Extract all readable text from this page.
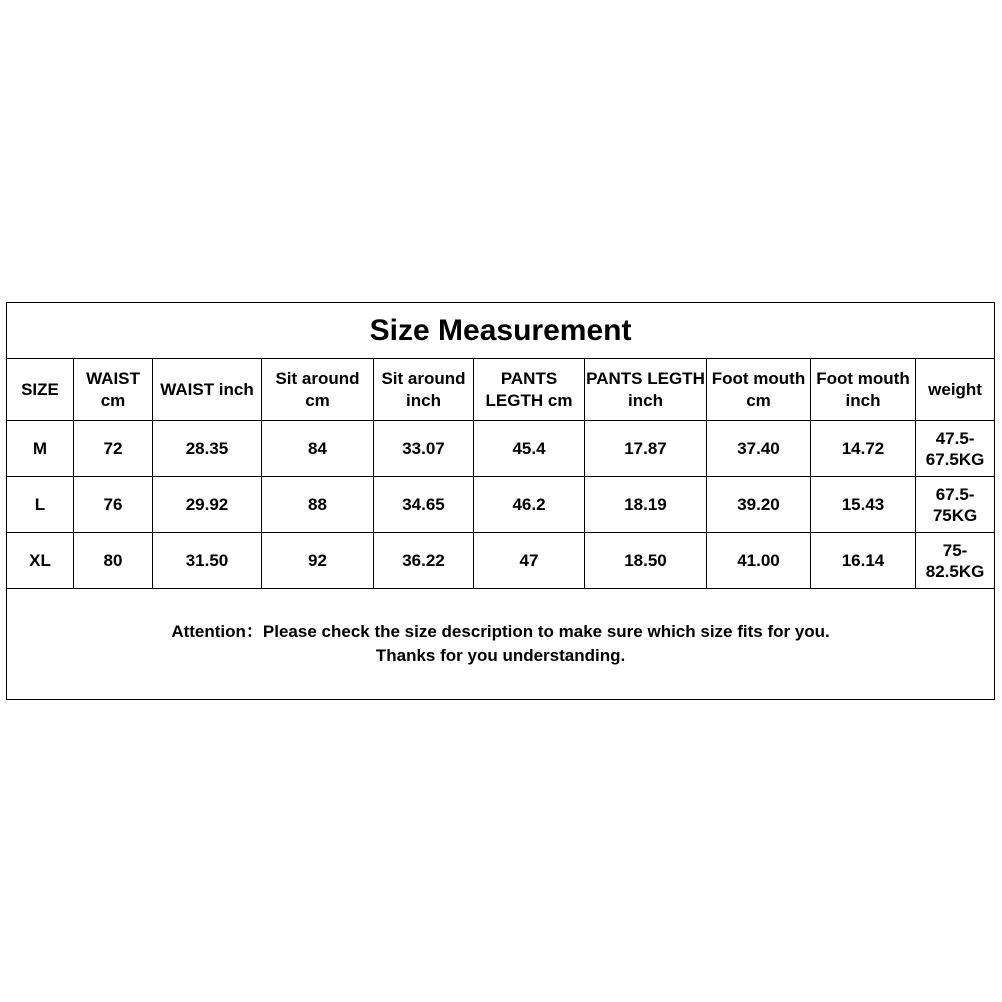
Size Measurement									
SIZE	WAIST cm	WAIST inch	Sit around cm	Sit around inch	PANTS LEGTH cm	PANTS LEGTH inch	Foot mouth cm	Foot mouth inch	weight
M	72	28.35	84	33.07	45.4	17.87	37.40	14.72	47.5-67.5KG
L	76	29.92	88	34.65	46.2	18.19	39.20	15.43	67.5-75KG
XL	80	31.50	92	36.22	47	18.50	41.00	16.14	75-82.5KG

Attention：Please check the size description to make sure which size fits for you.
Thanks for you understanding.									
